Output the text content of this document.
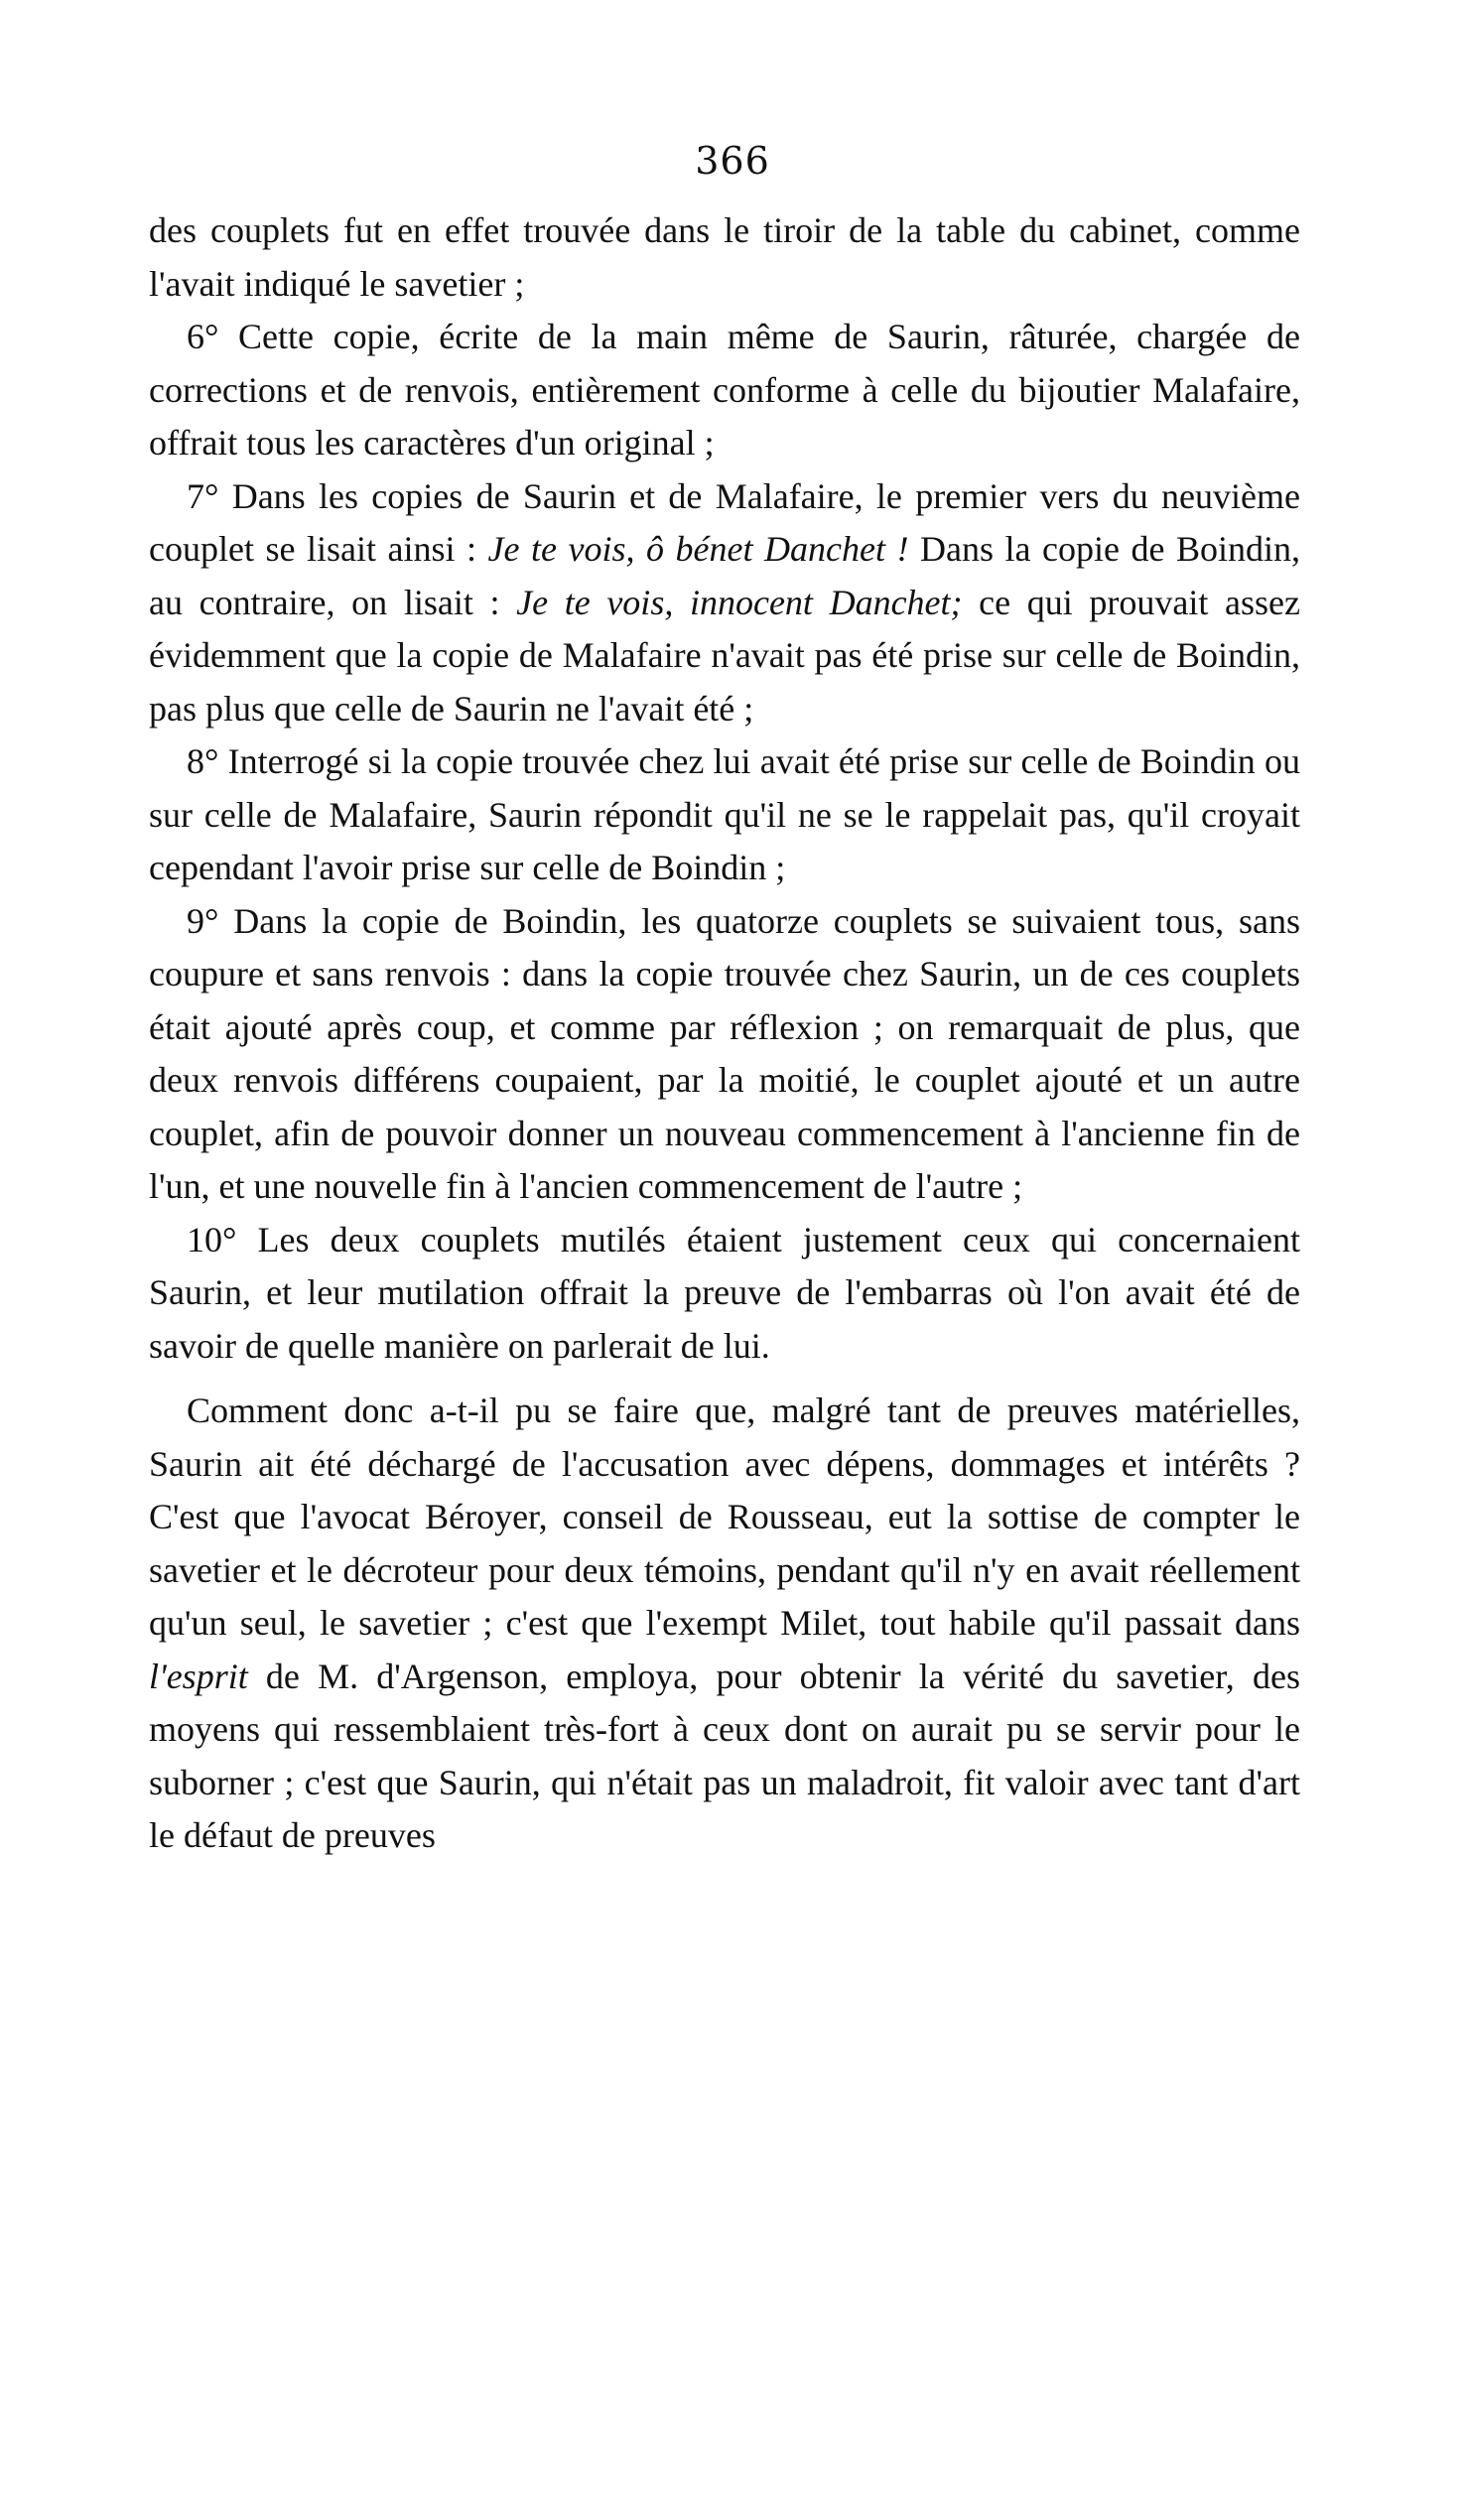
366

des couplets fut en effet trouvée dans le tiroir de la table du cabinet, comme l'avait indiqué le savetier ;

6° Cette copie, écrite de la main même de Saurin, râturée, chargée de corrections et de renvois, entièrement conforme à celle du bijoutier Malafaire, offrait tous les caractères d'un original ;

7° Dans les copies de Saurin et de Malafaire, le premier vers du neuvième couplet se lisait ainsi : Je te vois, ô bénet Danchet ! Dans la copie de Boindin, au contraire, on lisait : Je te vois, innocent Danchet; ce qui prouvait assez évidemment que la copie de Malafaire n'avait pas été prise sur celle de Boindin, pas plus que celle de Saurin ne l'avait été ;

8° Interrogé si la copie trouvée chez lui avait été prise sur celle de Boindin ou sur celle de Malafaire, Saurin répondit qu'il ne se le rappelait pas, qu'il croyait cependant l'avoir prise sur celle de Boindin ;

9° Dans la copie de Boindin, les quatorze couplets se suivaient tous, sans coupure et sans renvois : dans la copie trouvée chez Saurin, un de ces couplets était ajouté après coup, et comme par réflexion ; on remarquait de plus, que deux renvois différens coupaient, par la moitié, le couplet ajouté et un autre couplet, afin de pouvoir donner un nouveau commencement à l'ancienne fin de l'un, et une nouvelle fin à l'ancien commencement de l'autre ;

10° Les deux couplets mutilés étaient justement ceux qui concernaient Saurin, et leur mutilation offrait la preuve de l'embarras où l'on avait été de savoir de quelle manière on parlerait de lui.

Comment donc a-t-il pu se faire que, malgré tant de preuves matérielles, Saurin ait été déchargé de l'accusation avec dépens, dommages et intérêts ? C'est que l'avocat Béroyer, conseil de Rousseau, eut la sottise de compter le savetier et le décroteur pour deux témoins, pendant qu'il n'y en avait réellement qu'un seul, le savetier ; c'est que l'exempt Milet, tout habile qu'il passait dans l'esprit de M. d'Argenson, employa, pour obtenir la vérité du savetier, des moyens qui ressemblaient très-fort à ceux dont on aurait pu se servir pour le suborner ; c'est que Saurin, qui n'était pas un maladroit, fit valoir avec tant d'art le défaut de preuves
